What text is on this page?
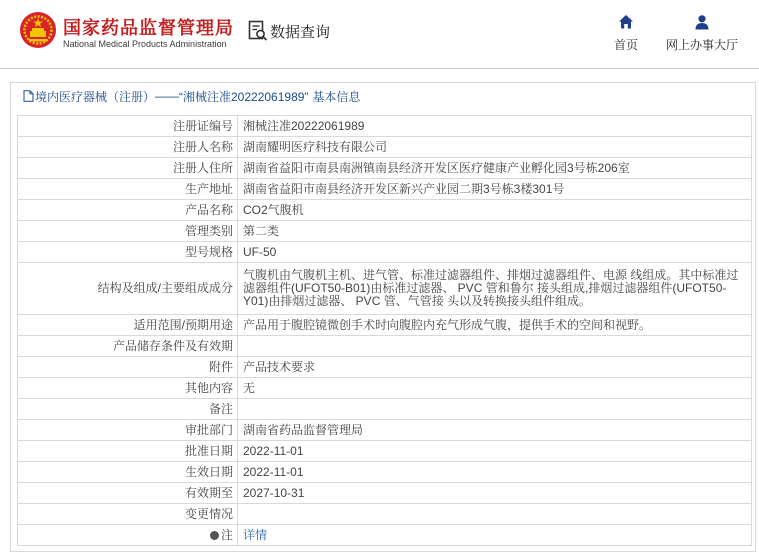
国家药品监督管理局
National Medical Products Administration
数据查询
首页 网上办事大厅
境内医疗器械（注册） —— “湘械注准20222061989” 基本信息
注册证编号	湘械注准20222061989
注册人名称	湖南耀明医疗科技有限公司
注册人住所	湖南省益阳市南县南洲镇南县经济开发区医疗健康产业孵化园3号栋206室
生产地址	湖南省益阳市南县经济开发区新兴产业园二期3号栋3楼301号
产品名称	CO2气腹机
管理类别	第二类
型号规格	UF-50
结构及组成/主要组成成分	气腹机由气腹机主机、进气管、标准过滤器组件、排烟过滤器组件、电源 线组成。其中标准过滤器组件(UFOT50-B01)由标准过滤器、 PVC 管和鲁尔 接头组成,排烟过滤器组件(UFOT50-Y01)由排烟过滤器、 PVC 管、气管接 头以及转换接头组件组成。
适用范围/预期用途	产品用于腹腔镜微创手术时向腹腔内充气形成气腹，提供手术的空间和视野。
产品储存条件及有效期	
附件	产品技术要求
其他内容	无
备注	
审批部门	湖南省药品监督管理局
批准日期	2022-11-01
生效日期	2022-11-01
有效期至	2027-10-31
变更情况	
注	详情
